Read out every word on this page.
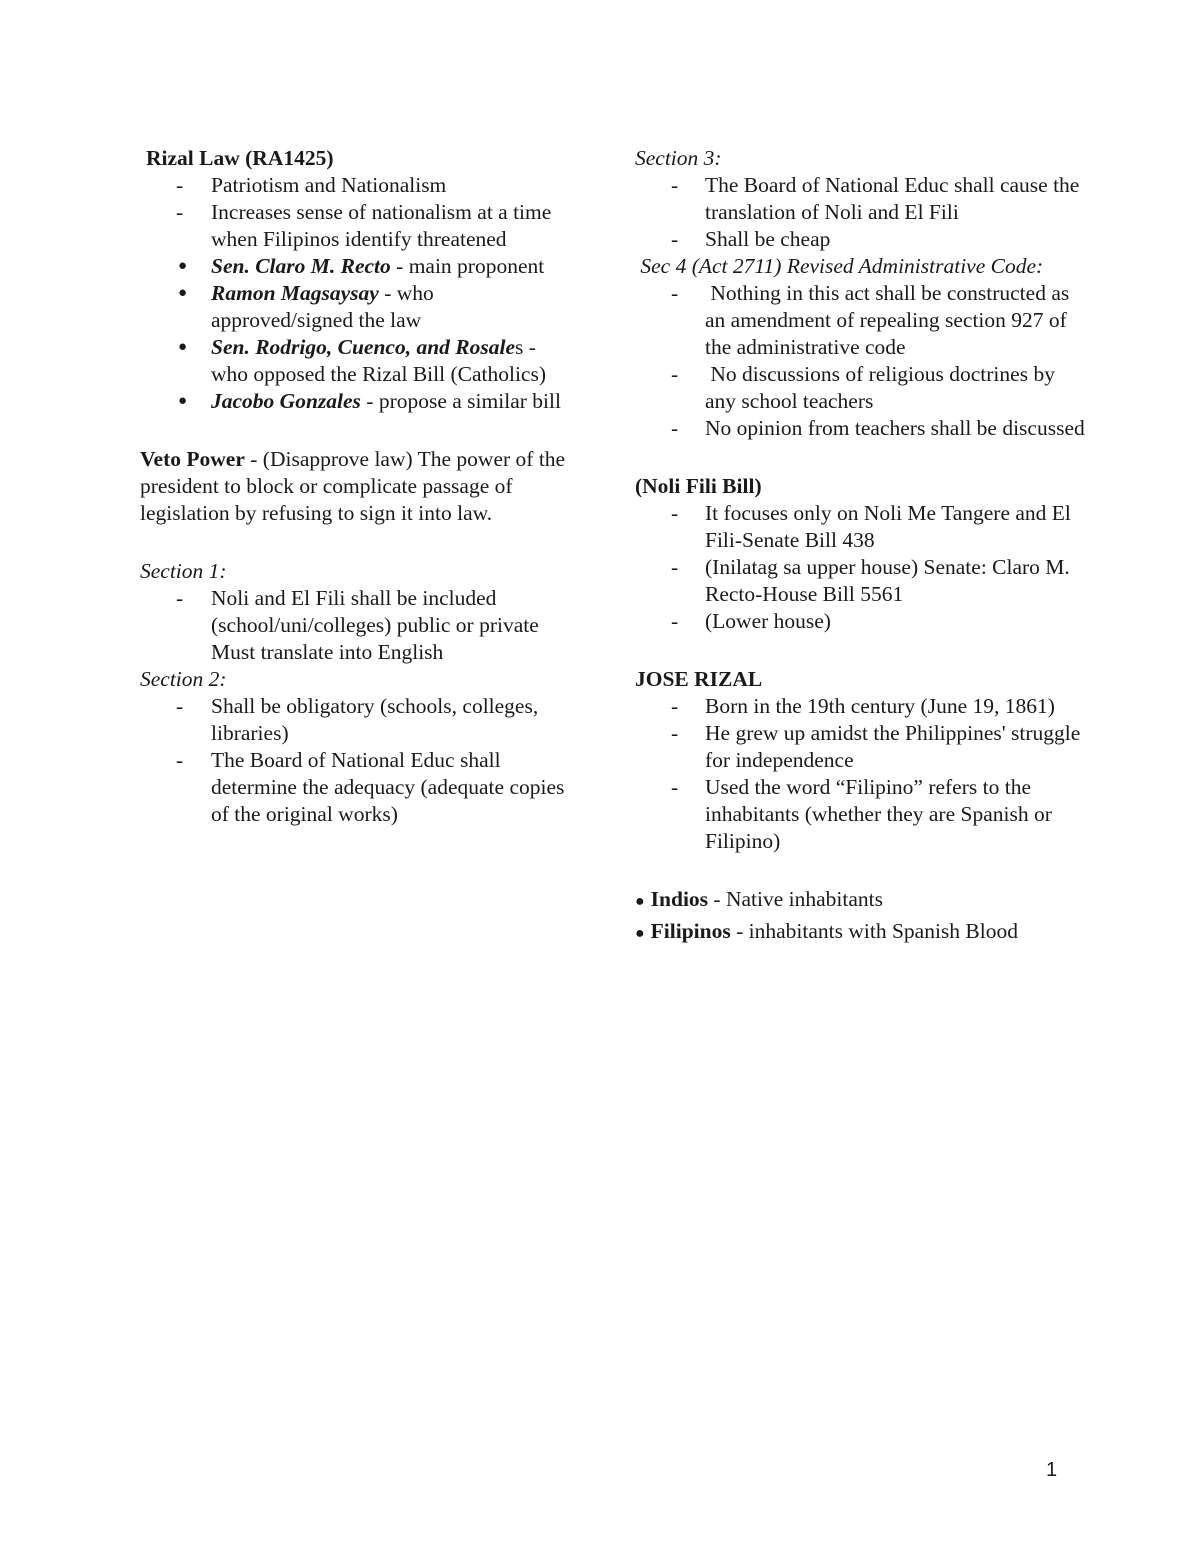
Rizal Law (RA1425)

- Patriotism and Nationalism
- Increases sense of nationalism at a time when Filipinos identify threatened
● Sen. Claro M. Recto - main proponent
● Ramon Magsaysay - who approved/signed the law
● Sen. Rodrigo, Cuenco, and Rosales - who opposed the Rizal Bill (Catholics)
● Jacobo Gonzales - propose a similar bill

Veto Power - (Disapprove law) The power of the president to block or complicate passage of legislation by refusing to sign it into law.

Section 1:

- Noli and El Fili shall be included (school/uni/colleges) public or private Must translate into English

Section 2:

- Shall be obligatory (schools, colleges, libraries)
- The Board of National Educ shall determine the adequacy (adequate copies of the original works)

Section 3:

- The Board of National Educ shall cause the translation of Noli and El Fili
- Shall be cheap

Sec 4 (Act 2711) Revised Administrative Code:

- Nothing in this act shall be constructed as an amendment of repealing section 927 of the administrative code
- No discussions of religious doctrines by any school teachers
- No opinion from teachers shall be discussed

(Noli Fili Bill)

- It focuses only on Noli Me Tangere and El Fili-Senate Bill 438
- (Inilatag sa upper house) Senate: Claro M. Recto-House Bill 5561
- (Lower house)

JOSE RIZAL

- Born in the 19th century (June 19, 1861)
- He grew up amidst the Philippines' struggle for independence
- Used the word “Filipino” refers to the inhabitants (whether they are Spanish or Filipino)

● Indios - Native inhabitants

● Filipinos - inhabitants with Spanish Blood

1
